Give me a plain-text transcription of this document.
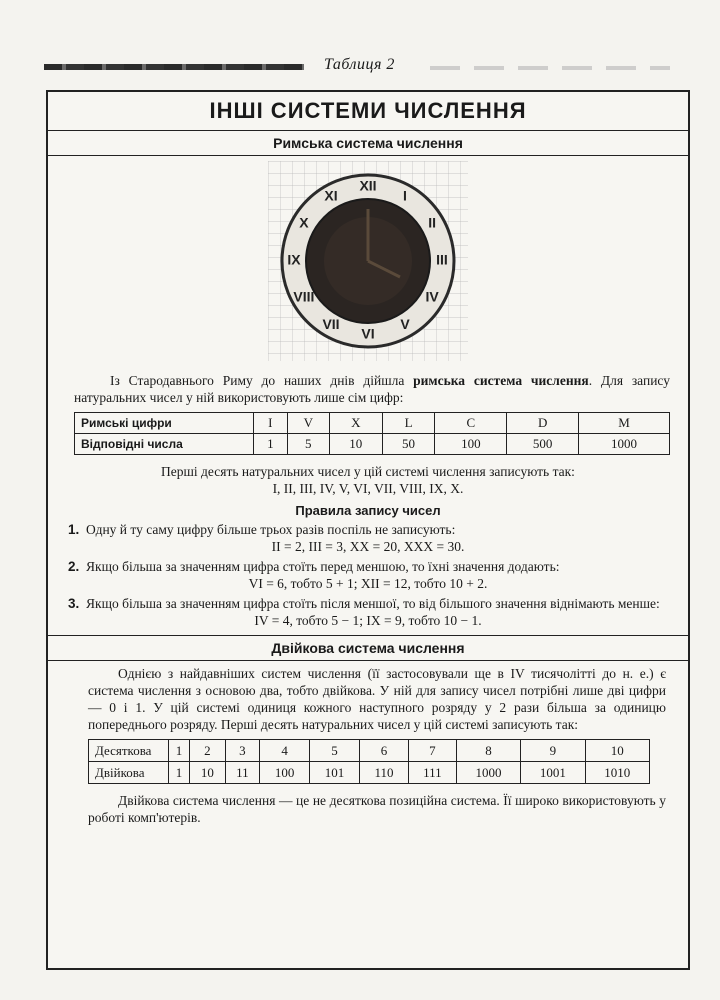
Таблиця 2
ІНШІ СИСТЕМИ ЧИСЛЕННЯ
Римська система числення
XII
I
II
III
IV
V
VI
VII
VIII
IX
X
XI

Із Стародавнього Риму до наших днів дійшла римська система числення. Для запису натуральних чисел у ній використовують лише сім цифр:

Римські цифри	I	V	X	L	C	D	M
Відповідні числа	1	5	10	50	100	500	1000
Перші десять натуральних чисел у цій системі числення записують так:
I, II, III, IV, V, VI, VII, VIII, IX, X.
Правила запису чисел
1. Одну й ту саму цифру більше трьох разів поспіль не записують:
II = 2, III = 3, XX = 20, XXX = 30.
2. Якщо більша за значенням цифра стоїть перед меншою, то їхні значення додають:
VI = 6, тобто 5 + 1; XII = 12, тобто 10 + 2.
3. Якщо більша за значенням цифра стоїть після меншої, то від більшого значення віднімають менше:
IV = 4, тобто 5 − 1; IX = 9, тобто 10 − 1.
Двійкова система числення

Однією з найдавніших систем числення (її застосовували ще в IV тисячолітті до н. е.) є система числення з основою два, тобто двійкова. У ній для запису чисел потрібні лише дві цифри — 0 і 1. У цій системі одиниця кожного наступного розряду у 2 рази більша за одиницю попереднього розряду. Перші десять натуральних чисел у цій системі записують так:

Десяткова	1	2	3	4	5	6	7	8	9	10
Двійкова	1	10	11	100	101	110	111	1000	1001	1010

Двійкова система числення — це не десяткова позиційна система. Її широко використовують у роботі комп'ютерів.
